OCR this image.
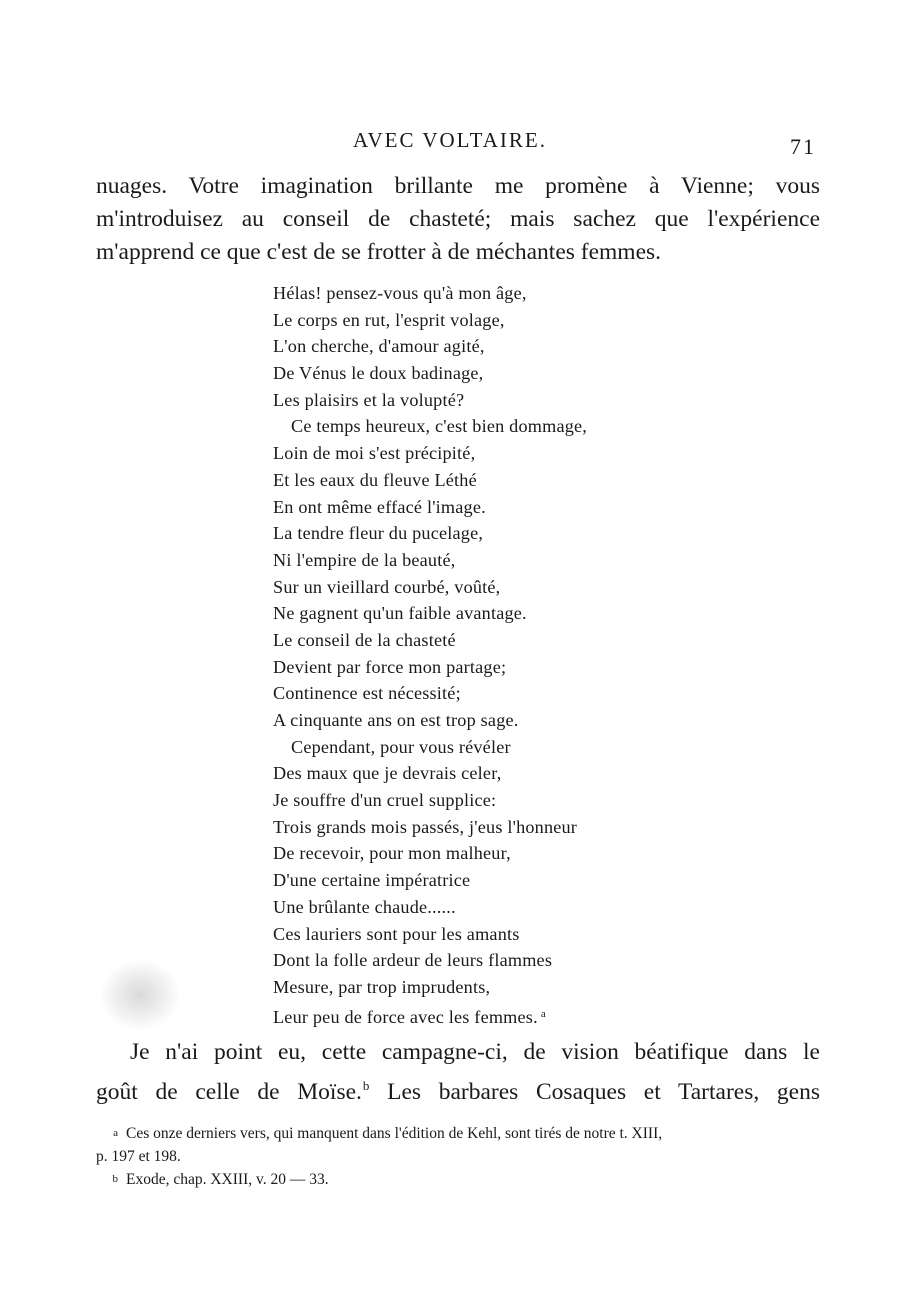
AVEC VOLTAIRE.	71
nuages. Votre imagination brillante me promène à Vienne; vous
m'introduisez au conseil de chasteté; mais sachez que l'expérience
m'apprend ce que c'est de se frotter à de méchantes femmes.
Hélas! pensez-vous qu'à mon âge,
Le corps en rut, l'esprit volage,
L'on cherche, d'amour agité,
De Vénus le doux badinage,
Les plaisirs et la volupté?
Ce temps heureux, c'est bien dommage,
Loin de moi s'est précipité,
Et les eaux du fleuve Léthé
En ont même effacé l'image.
La tendre fleur du pucelage,
Ni l'empire de la beauté,
Sur un vieillard courbé, voûté,
Ne gagnent qu'un faible avantage.
Le conseil de la chasteté
Devient par force mon partage;
Continence est nécessité;
A cinquante ans on est trop sage.
Cependant, pour vous révéler
Des maux que je devrais celer,
Je souffre d'un cruel supplice:
Trois grands mois passés, j'eus l'honneur
De recevoir, pour mon malheur,
D'une certaine impératrice
Une brûlante chaude......
Ces lauriers sont pour les amants
Dont la folle ardeur de leurs flammes
Mesure, par trop imprudents,
Leur peu de force avec les femmes. $^a$
Je n'ai point eu, cette campagne-ci, de vision béatifique dans le
goût de celle de Moïse.$^b$ Les barbares Cosaques et Tartares, gens
a Ces onze derniers vers, qui manquent dans l'édition de Kehl, sont tirés de notre t. XIII,
p. 197 et 198.
b Exode, chap. XXIII, v. 20 — 33.
